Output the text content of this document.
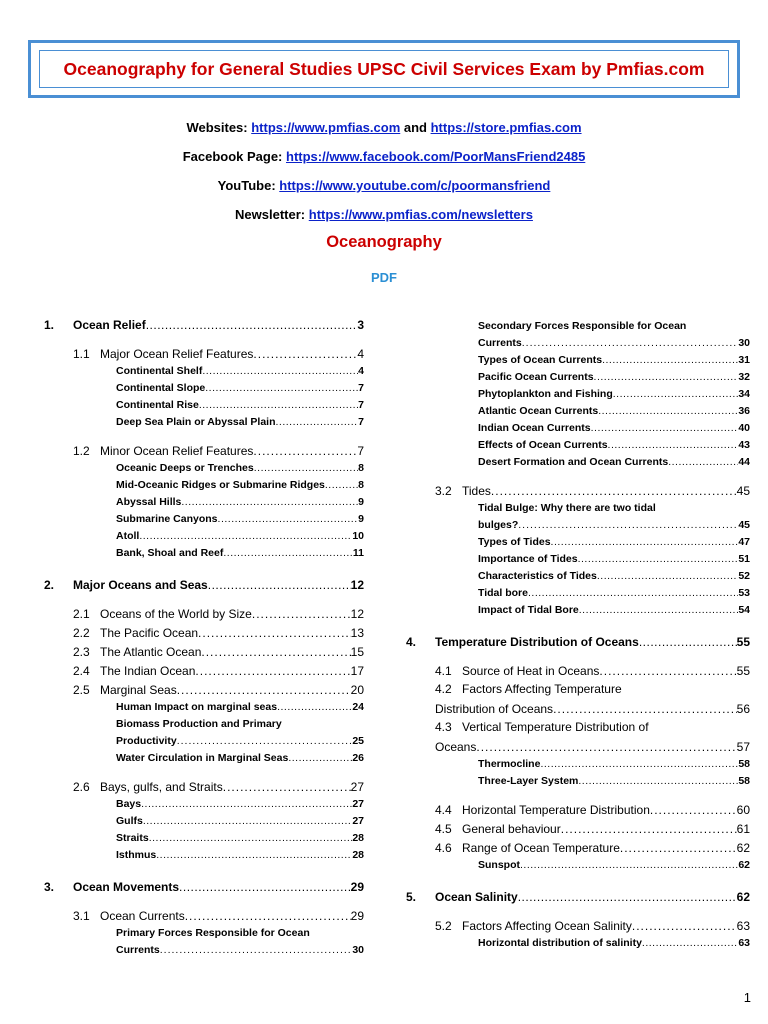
Oceanography for General Studies UPSC Civil Services Exam by Pmfias.com
Websites: https://www.pmfias.com and https://store.pmfias.com
Facebook Page: https://www.facebook.com/PoorMansFriend2485
YouTube: https://www.youtube.com/c/poormansfriend
Newsletter: https://www.pmfias.com/newsletters
Oceanography
PDF
1.	Ocean Relief .....	3
1.1 Major Ocean Relief Features .....	4
Continental Shelf .....	4
Continental Slope .....	7
Continental Rise .....	7
Deep Sea Plain or Abyssal Plain .....	7
1.2 Minor Ocean Relief Features .....	7
Oceanic Deeps or Trenches .....	8
Mid-Oceanic Ridges or Submarine Ridges .....	8
Abyssal Hills .....	9
Submarine Canyons .....	9
Atoll .....	10
Bank, Shoal and Reef .....	11
2.	Major Oceans and Seas .....	12
2.1 Oceans of the World by Size .....	12
2.2 The Pacific Ocean .....	13
2.3 The Atlantic Ocean .....	15
2.4 The Indian Ocean .....	17
2.5 Marginal Seas .....	20
Human Impact on marginal seas .....	24
Biomass Production and Primary
Productivity .....	25
Water Circulation in Marginal Seas .....	26
2.6 Bays, gulfs, and Straits .....	27
Bays .....	27
Gulfs .....	27
Straits .....	28
Isthmus .....	28
3.	Ocean Movements .....	29
3.1 Ocean Currents .....	29
Primary Forces Responsible for Ocean
Currents .....	30
Secondary Forces Responsible for Ocean
Currents .....	30
Types of Ocean Currents .....	31
Pacific Ocean Currents .....	32
Phytoplankton and Fishing .....	34
Atlantic Ocean Currents .....	36
Indian Ocean Currents .....	40
Effects of Ocean Currents .....	43
Desert Formation and Ocean Currents .....	44
3.2 Tides .....	45
Tidal Bulge: Why there are two tidal
bulges? .....	45
Types of Tides .....	47
Importance of Tides .....	51
Characteristics of Tides .....	52
Tidal bore .....	53
Impact of Tidal Bore .....	54
4.	Temperature Distribution of Oceans .....	55
4.1 Source of Heat in Oceans .....	55
4.2 Factors Affecting Temperature
Distribution of Oceans .....	56
4.3 Vertical Temperature Distribution of
Oceans .....	57
Thermocline .....	58
Three-Layer System .....	58
4.4 Horizontal Temperature Distribution .....	60
4.5 General behaviour .....	61
4.6 Range of Ocean Temperature .....	62
Sunspot .....	62
5.	Ocean Salinity .....	62
5.2 Factors Affecting Ocean Salinity .....	63
Horizontal distribution of salinity .....	63
1
